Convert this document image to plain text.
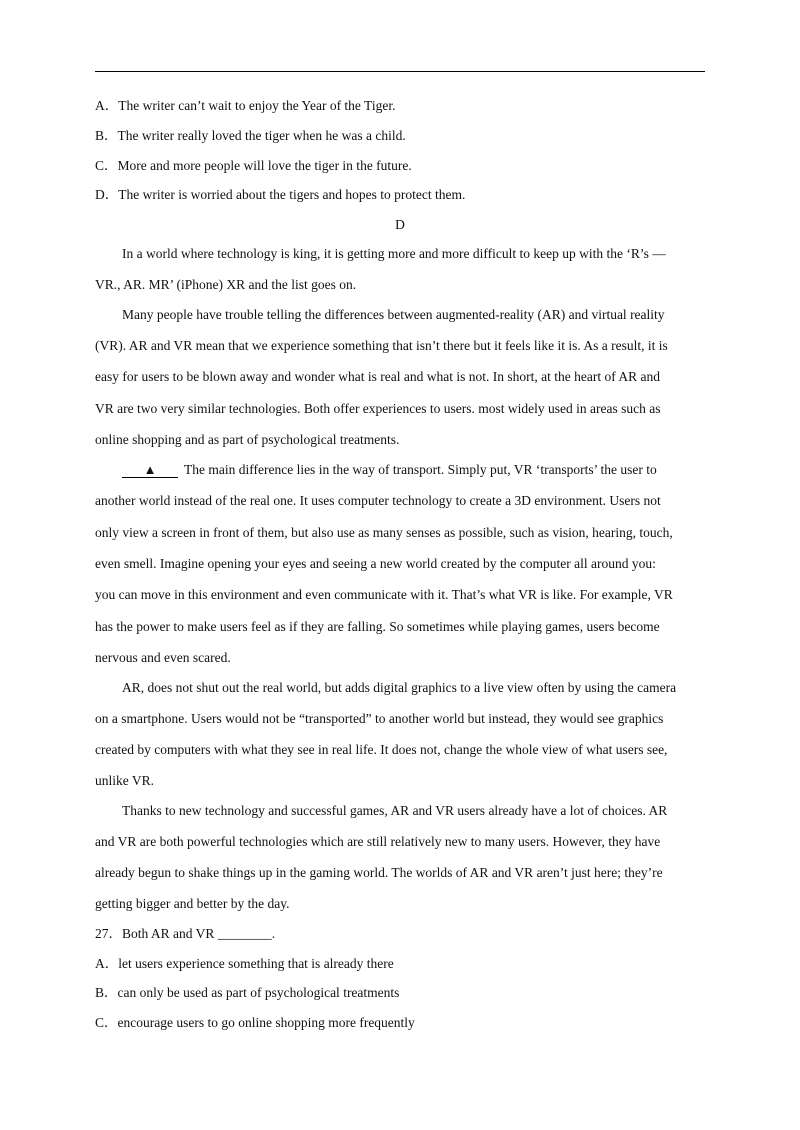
A．The writer can’t wait to enjoy the Year of the Tiger.
B．The writer really loved the tiger when he was a child.
C．More and more people will love the tiger in the future.
D．The writer is worried about the tigers and hopes to protect them.
D
In a world where technology is king, it is getting more and more difficult to keep up with the ‘R’s —
VR., AR. MR’ (iPhone) XR and the list goes on.
Many people have trouble telling the differences between augmented-reality (AR) and virtual reality
(VR). AR and VR mean that we experience something that isn’t there but it feels like it is. As a result, it is
easy for users to be blown away and wonder what is real and what is not. In short, at the heart of AR and
VR are two very similar technologies. Both offer experiences to users. most widely used in areas such as
online shopping and as part of psychological treatments.
▲ The main difference lies in the way of transport. Simply put, VR ‘transports’ the user to
another world instead of the real one. It uses computer technology to create a 3D environment. Users not
only view a screen in front of them, but also use as many senses as possible, such as vision, hearing, touch,
even smell. Imagine opening your eyes and seeing a new world created by the computer all around you:
you can move in this environment and even communicate with it. That’s what VR is like. For example, VR
has the power to make users feel as if they are falling. So sometimes while playing games, users become
nervous and even scared.
AR, does not shut out the real world, but adds digital graphics to a live view often by using the camera
on a smartphone. Users would not be “transported” to another world but instead, they would see graphics
created by computers with what they see in real life. It does not, change the whole view of what users see,
unlike VR.
Thanks to new technology and successful games, AR and VR users already have a lot of choices. AR
and VR are both powerful technologies which are still relatively new to many users. However, they have
already begun to shake things up in the gaming world. The worlds of AR and VR aren’t just here; they’re
getting bigger and better by the day.
27．Both AR and VR ________.
A．let users experience something that is already there
B．can only be used as part of psychological treatments
C．encourage users to go online shopping more frequently
